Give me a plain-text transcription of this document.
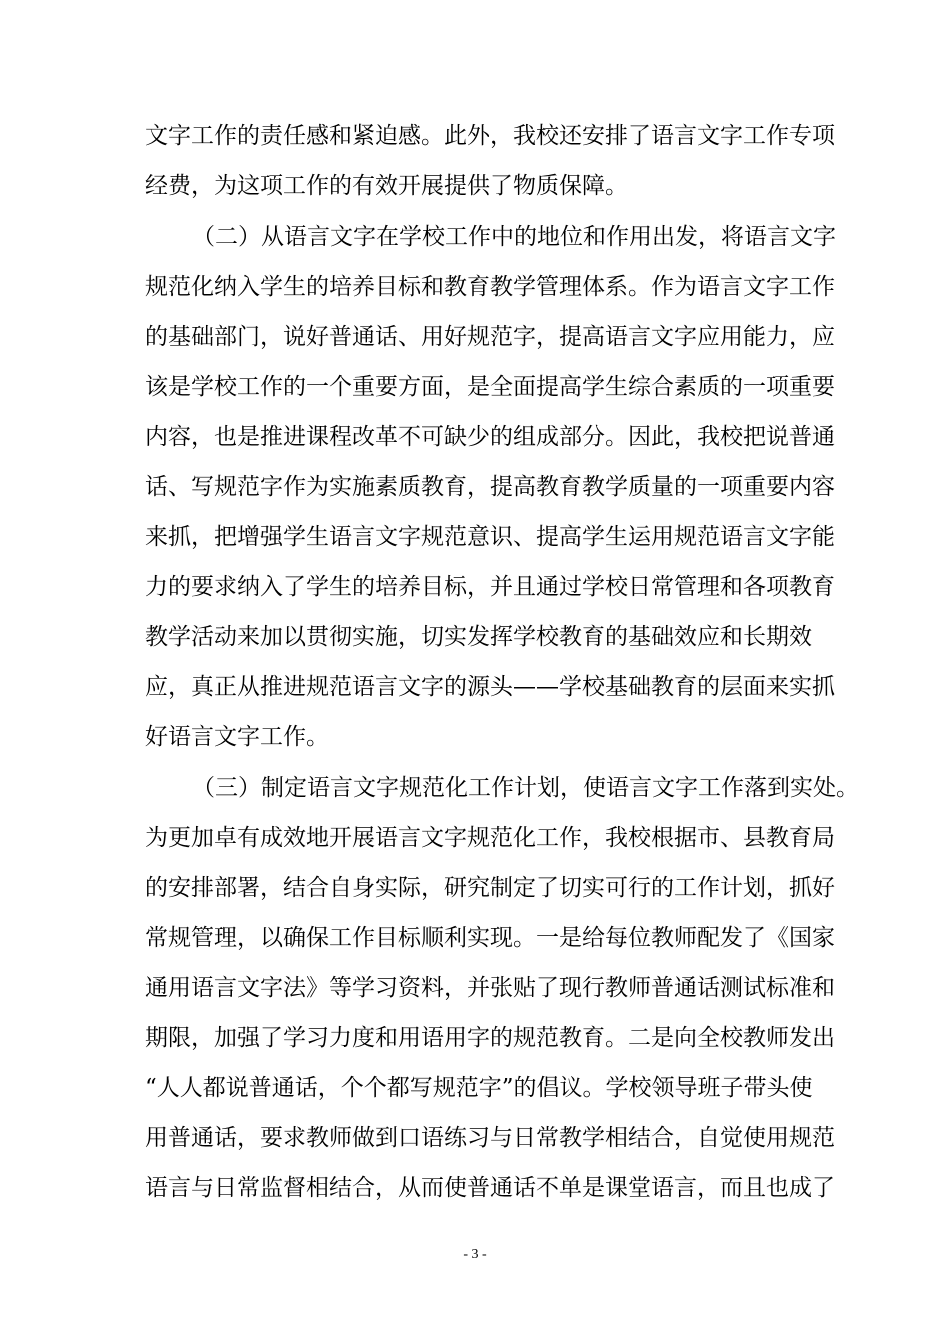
文字工作的责任感和紧迫感。此外，我校还安排了语言文字工作专项
经费，为这项工作的有效开展提供了物质保障。
（二）从语言文字在学校工作中的地位和作用出发，将语言文字
规范化纳入学生的培养目标和教育教学管理体系。作为语言文字工作
的基础部门，说好普通话、用好规范字，提高语言文字应用能力，应
该是学校工作的一个重要方面，是全面提高学生综合素质的一项重要
内容，也是推进课程改革不可缺少的组成部分。因此，我校把说普通
话、写规范字作为实施素质教育，提高教育教学质量的一项重要内容
来抓，把增强学生语言文字规范意识、提高学生运用规范语言文字能
力的要求纳入了学生的培养目标，并且通过学校日常管理和各项教育
教学活动来加以贯彻实施，切实发挥学校教育的基础效应和长期效
应，真正从推进规范语言文字的源头——学校基础教育的层面来实抓
好语言文字工作。
（三）制定语言文字规范化工作计划，使语言文字工作落到实处。
为更加卓有成效地开展语言文字规范化工作，我校根据市、县教育局
的安排部署，结合自身实际，研究制定了切实可行的工作计划，抓好
常规管理，以确保工作目标顺利实现。一是给每位教师配发了《国家
通用语言文字法》等学习资料，并张贴了现行教师普通话测试标准和
期限，加强了学习力度和用语用字的规范教育。二是向全校教师发出
“人人都说普通话，个个都写规范字”的倡议。学校领导班子带头使
用普通话，要求教师做到口语练习与日常教学相结合，自觉使用规范
语言与日常监督相结合，从而使普通话不单是课堂语言，而且也成了
- 3 -
